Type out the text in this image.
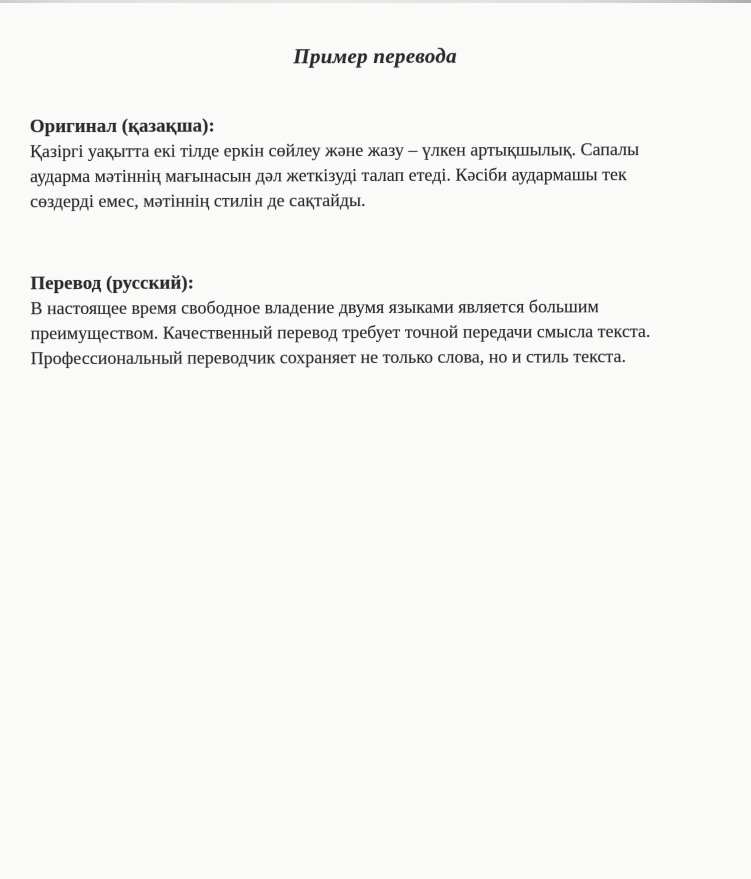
Пример перевода
Оригинал (қазақша):

Қазіргі уақытта екі тілде еркін сөйлеу және жазу – үлкен артықшылық. Сапалы

аударма мәтіннің мағынасын дәл жеткізуді талап етеді. Кәсіби аудармашы тек

сөздерді емес, мәтіннің стилін де сақтайды.

Перевод (русский):

В настоящее время свободное владение двумя языками является большим

преимуществом. Качественный перевод требует точной передачи смысла текста.

Профессиональный переводчик сохраняет не только слова, но и стиль текста.
